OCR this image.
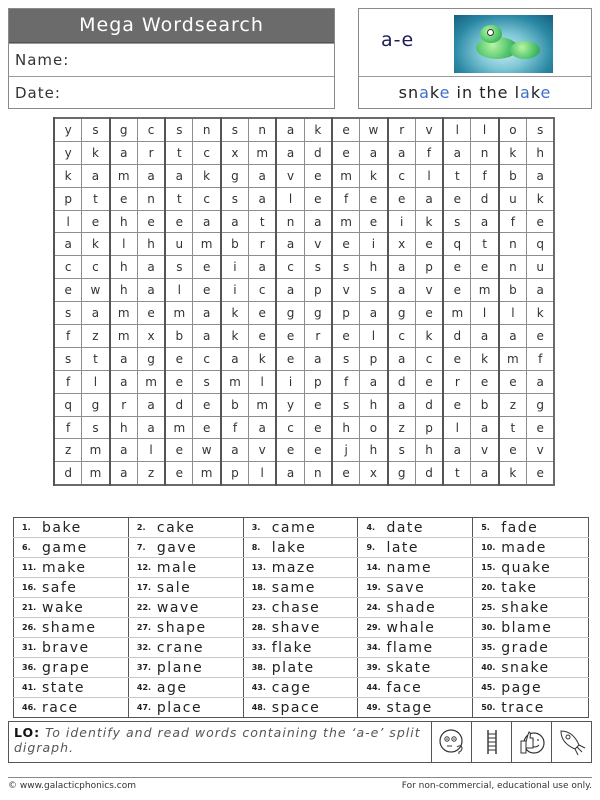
Mega Wordsearch
Name:
Date:
a-e
snake in the lake
y	s	g	c	s	n	s	n	a	k	e	w	r	v	l	l	o	s
y	k	a	r	t	c	x	m	a	d	e	a	a	f	a	n	k	h
k	a	m	a	a	k	g	a	v	e	m	k	c	l	t	f	b	a
p	t	e	n	t	c	s	a	l	e	f	e	e	a	e	d	u	k
l	e	h	e	e	a	a	t	n	a	m	e	i	k	s	a	f	e
a	k	l	h	u	m	b	r	a	v	e	i	x	e	q	t	n	q
c	c	h	a	s	e	i	a	c	s	s	h	a	p	e	e	n	u
e	w	h	a	l	e	i	c	a	p	v	s	a	v	e	m	b	a
s	a	m	e	m	a	k	e	g	g	p	a	g	e	m	l	l	k
f	z	m	x	b	a	k	e	e	r	e	l	c	k	d	a	a	e
s	t	a	g	e	c	a	k	e	a	s	p	a	c	e	k	m	f
f	l	a	m	e	s	m	l	i	p	f	a	d	e	r	e	e	a
q	g	r	a	d	e	b	m	y	e	s	h	a	d	e	b	z	g
f	s	h	a	m	e	f	a	c	e	h	o	z	p	l	a	t	e
z	m	a	l	e	w	a	v	e	e	j	h	s	h	a	v	e	v
d	m	a	z	e	m	p	l	a	n	e	x	g	d	t	a	k	e
1. bake	2. cake	3. came	4. date	5. fade
6. game	7. gave	8. lake	9. late	10. made
11. make	12. male	13. maze	14. name	15. quake
16. safe	17. sale	18. same	19. save	20. take
21. wake	22. wave	23. chase	24. shade	25. shake
26. shame	27. shape	28. shave	29. whale	30. blame
31. brave	32. crane	33. flake	34. flame	35. grade
36. grape	37. plane	38. plate	39. skate	40. snake
41. state	42. age	43. cage	44. face	45. page
46. race	47. place	48. space	49. stage	50. trace
LO: To identify and read words containing the ‘a-e’ split digraph.
© www.galacticphonics.com	For non-commercial, educational use only.
